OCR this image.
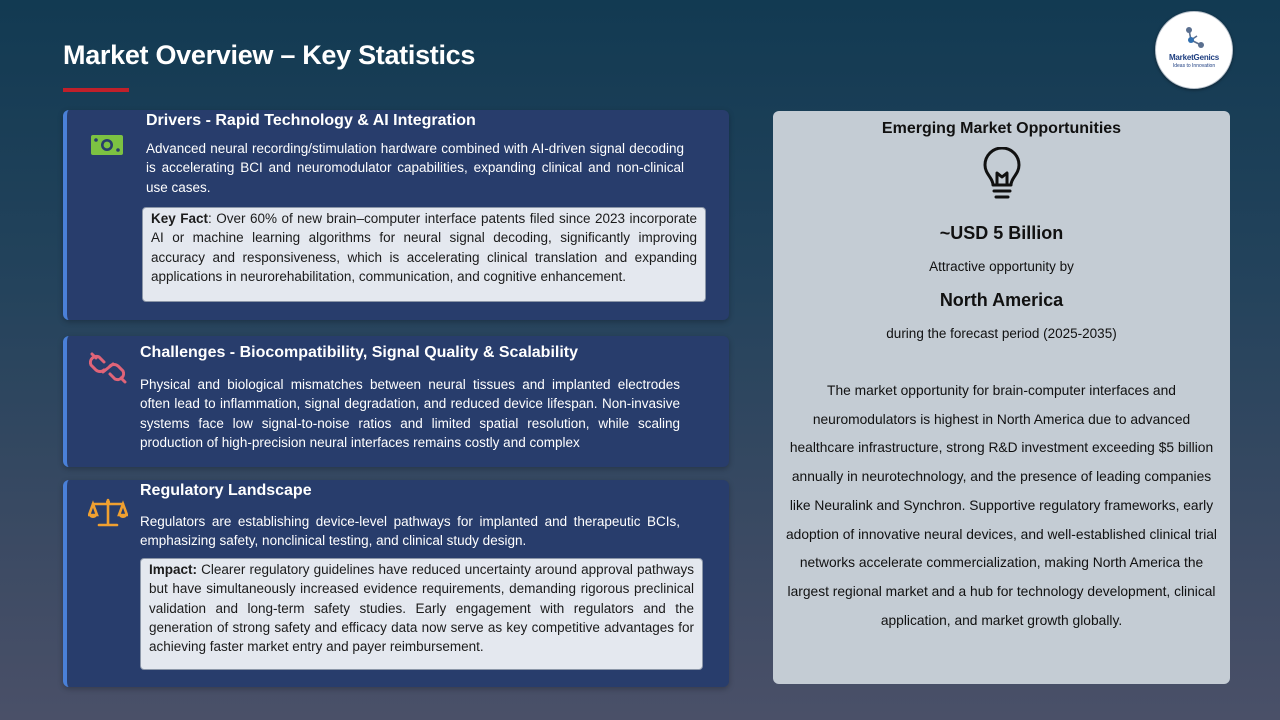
Market Overview – Key Statistics	MarketGenics
Ideas to Innovation
Drivers - Rapid Technology & AI Integration
Advanced neural recording/stimulation hardware combined with AI-driven signal decoding is accelerating BCI and neuromodulator capabilities, expanding clinical and non-clinical use cases.
Key Fact: Over 60% of new brain–computer interface patents filed since 2023 incorporate AI or machine learning algorithms for neural signal decoding, significantly improving accuracy and responsiveness, which is accelerating clinical translation and expanding applications in neurorehabilitation, communication, and cognitive enhancement.
Challenges - Biocompatibility, Signal Quality & Scalability
Physical and biological mismatches between neural tissues and implanted electrodes often lead to inflammation, signal degradation, and reduced device lifespan. Non-invasive systems face low signal-to-noise ratios and limited spatial resolution, while scaling production of high-precision neural interfaces remains costly and complex
Regulatory Landscape
Regulators are establishing device-level pathways for implanted and therapeutic BCIs, emphasizing safety, nonclinical testing, and clinical study design.
Impact: Clearer regulatory guidelines have reduced uncertainty around approval pathways but have simultaneously increased evidence requirements, demanding rigorous preclinical validation and long-term safety studies. Early engagement with regulators and the generation of strong safety and efficacy data now serve as key competitive advantages for achieving faster market entry and payer reimbursement.
Emerging Market Opportunities
~USD 5 Billion
Attractive opportunity by
North America
during the forecast period (2025-2035)
The market opportunity for brain-computer interfaces and neuromodulators is highest in North America due to advanced healthcare infrastructure, strong R&D investment exceeding $5 billion annually in neurotechnology, and the presence of leading companies like Neuralink and Synchron. Supportive regulatory frameworks, early adoption of innovative neural devices, and well-established clinical trial networks accelerate commercialization, making North America the largest regional market and a hub for technology development, clinical application, and market growth globally.
